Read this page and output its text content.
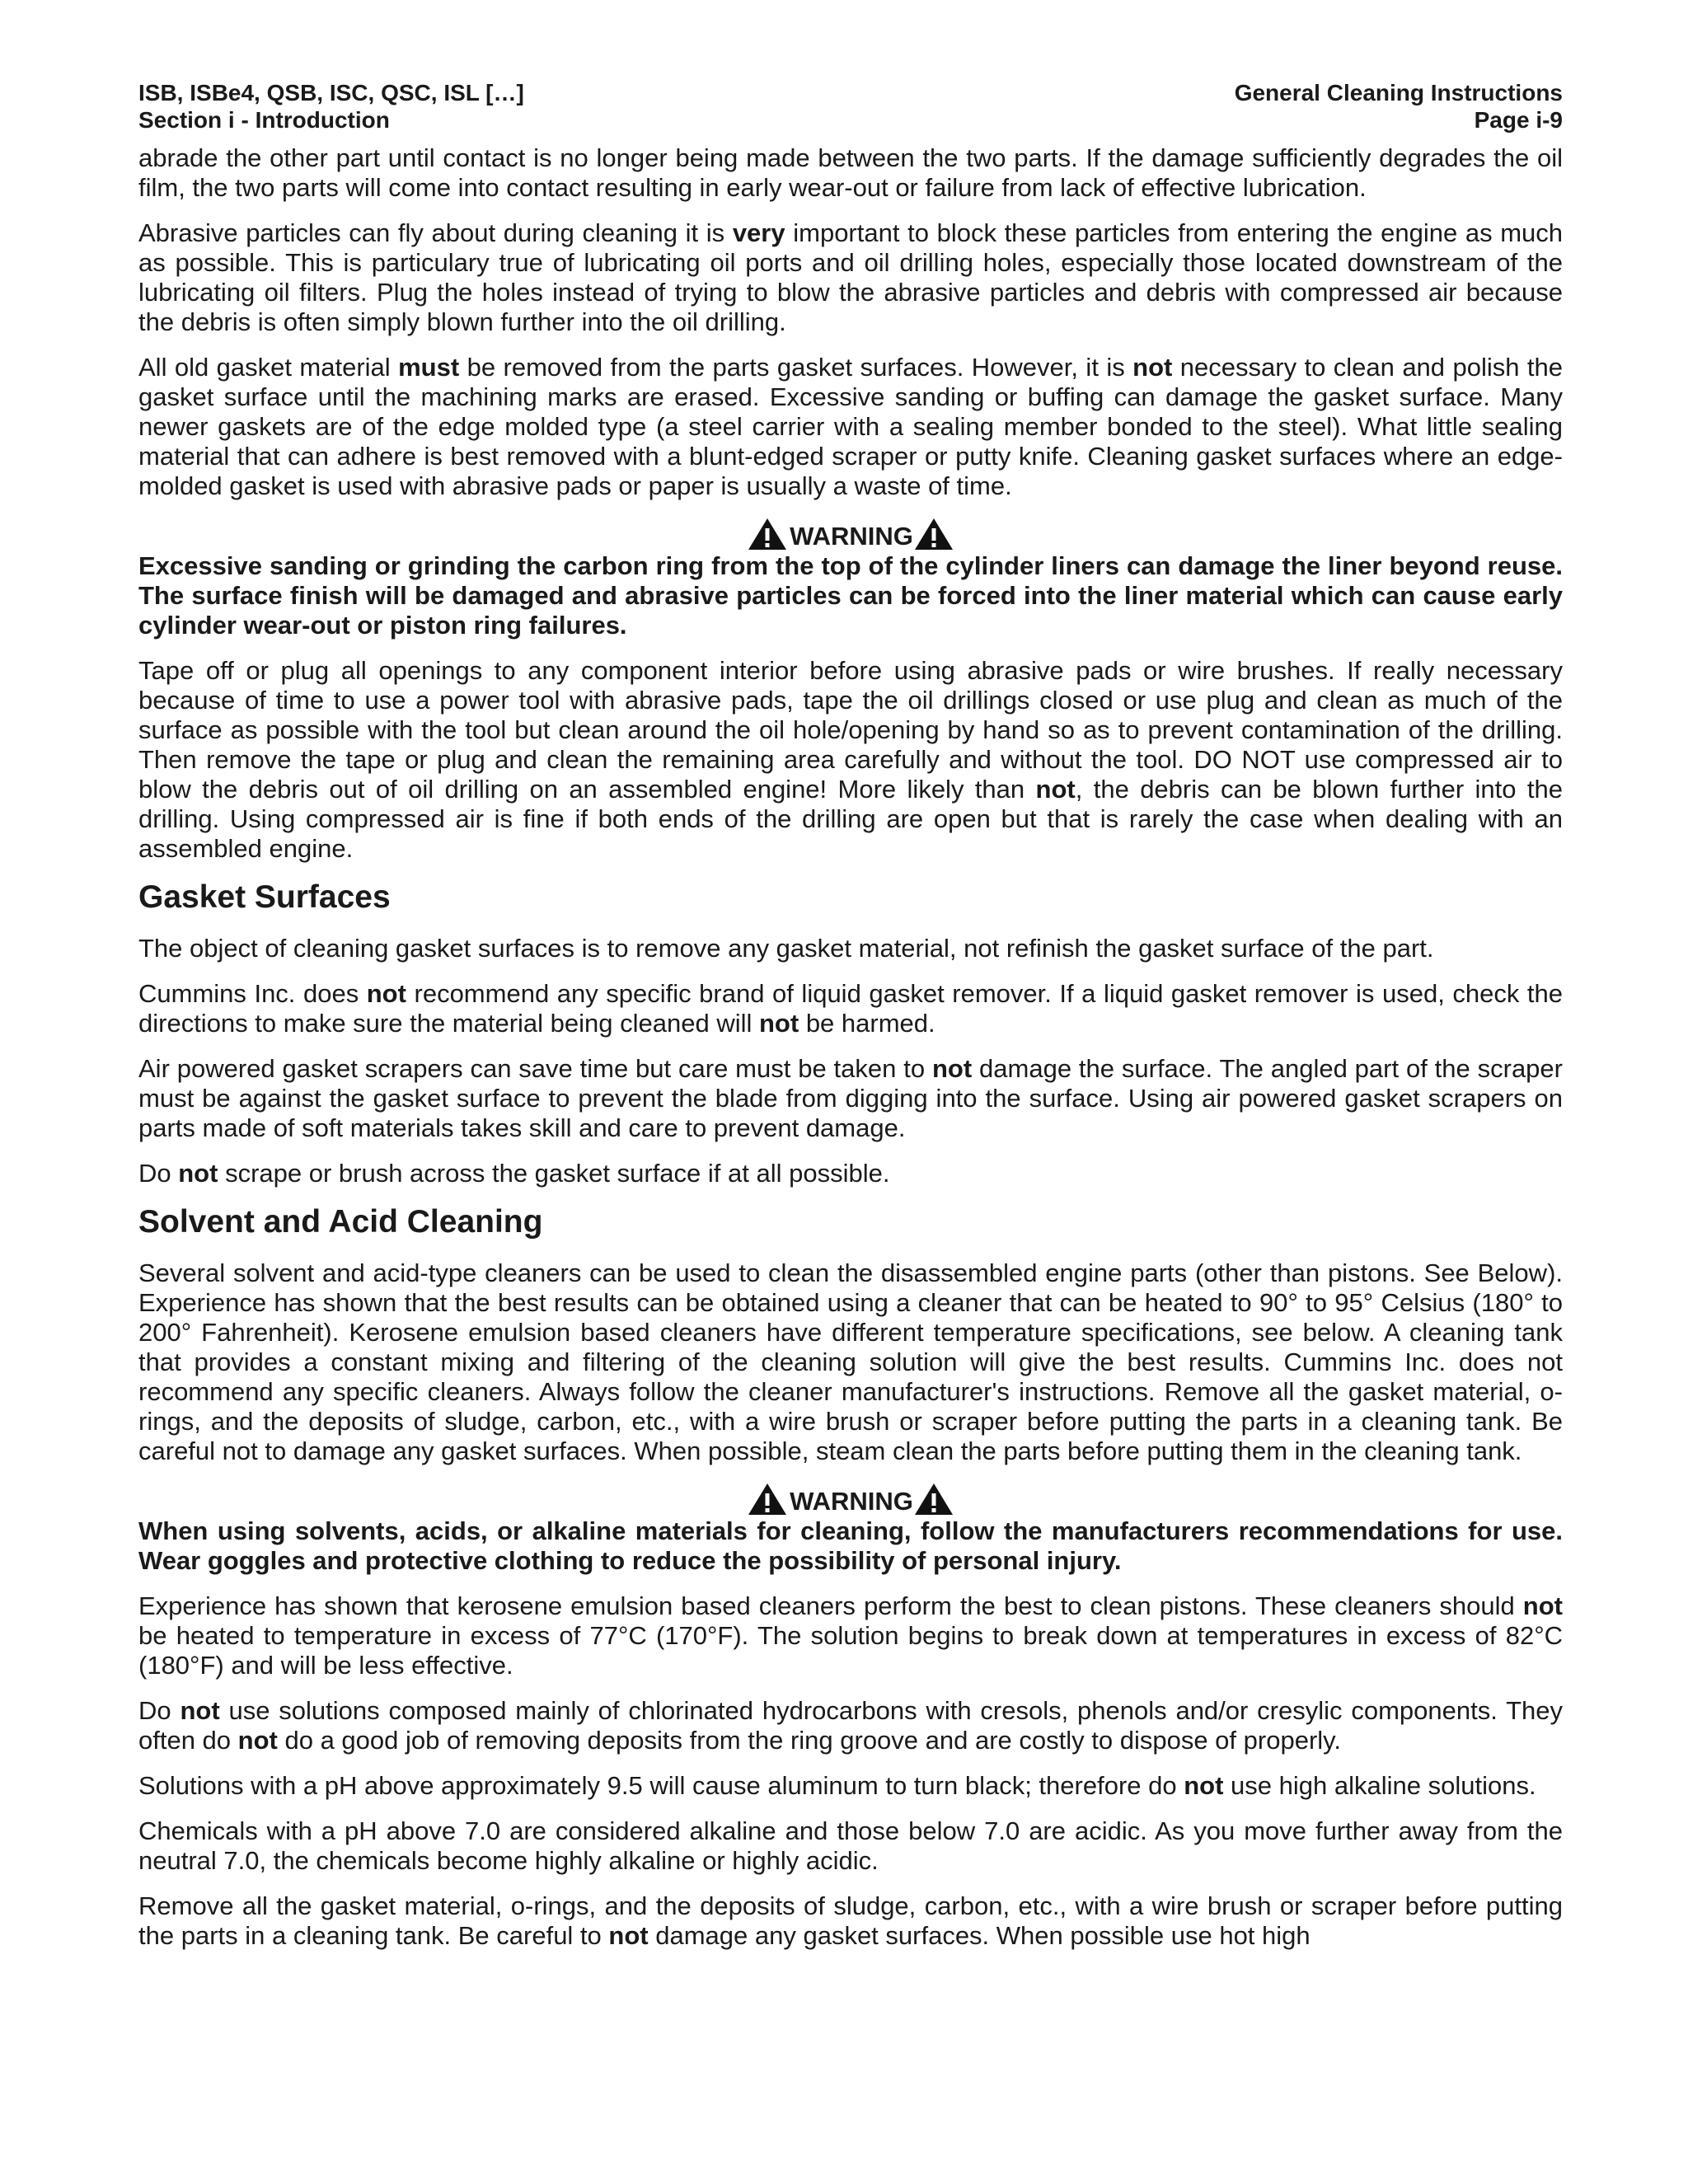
ISB, ISBe4, QSB, ISC, QSC, ISL […]
Section i - Introduction
General Cleaning Instructions
Page i-9

abrade the other part until contact is no longer being made between the two parts. If the damage sufficiently degrades the oil film, the two parts will come into contact resulting in early wear-out or failure from lack of effective lubrication.

Abrasive particles can fly about during cleaning it is very important to block these particles from entering the engine as much as possible. This is particulary true of lubricating oil ports and oil drilling holes, especially those located downstream of the lubricating oil filters. Plug the holes instead of trying to blow the abrasive particles and debris with compressed air because the debris is often simply blown further into the oil drilling.

All old gasket material must be removed from the parts gasket surfaces. However, it is not necessary to clean and polish the gasket surface until the machining marks are erased. Excessive sanding or buffing can damage the gasket surface. Many newer gaskets are of the edge molded type (a steel carrier with a sealing member bonded to the steel). What little sealing material that can adhere is best removed with a blunt-edged scraper or putty knife. Cleaning gasket surfaces where an edge-molded gasket is used with abrasive pads or paper is usually a waste of time.

WARNING

Excessive sanding or grinding the carbon ring from the top of the cylinder liners can damage the liner beyond reuse. The surface finish will be damaged and abrasive particles can be forced into the liner material which can cause early cylinder wear-out or piston ring failures.

Tape off or plug all openings to any component interior before using abrasive pads or wire brushes. If really necessary because of time to use a power tool with abrasive pads, tape the oil drillings closed or use plug and clean as much of the surface as possible with the tool but clean around the oil hole/opening by hand so as to prevent contamination of the drilling. Then remove the tape or plug and clean the remaining area carefully and without the tool. DO NOT use compressed air to blow the debris out of oil drilling on an assembled engine! More likely than not, the debris can be blown further into the drilling. Using compressed air is fine if both ends of the drilling are open but that is rarely the case when dealing with an assembled engine.

Gasket Surfaces

The object of cleaning gasket surfaces is to remove any gasket material, not refinish the gasket surface of the part.

Cummins Inc. does not recommend any specific brand of liquid gasket remover. If a liquid gasket remover is used, check the directions to make sure the material being cleaned will not be harmed.

Air powered gasket scrapers can save time but care must be taken to not damage the surface. The angled part of the scraper must be against the gasket surface to prevent the blade from digging into the surface. Using air powered gasket scrapers on parts made of soft materials takes skill and care to prevent damage.

Do not scrape or brush across the gasket surface if at all possible.

Solvent and Acid Cleaning

Several solvent and acid-type cleaners can be used to clean the disassembled engine parts (other than pistons. See Below). Experience has shown that the best results can be obtained using a cleaner that can be heated to 90° to 95° Celsius (180° to 200° Fahrenheit). Kerosene emulsion based cleaners have different temperature specifications, see below. A cleaning tank that provides a constant mixing and filtering of the cleaning solution will give the best results. Cummins Inc. does not recommend any specific cleaners. Always follow the cleaner manufacturer's instructions. Remove all the gasket material, o-rings, and the deposits of sludge, carbon, etc., with a wire brush or scraper before putting the parts in a cleaning tank. Be careful not to damage any gasket surfaces. When possible, steam clean the parts before putting them in the cleaning tank.

WARNING

When using solvents, acids, or alkaline materials for cleaning, follow the manufacturers recommendations for use. Wear goggles and protective clothing to reduce the possibility of personal injury.

Experience has shown that kerosene emulsion based cleaners perform the best to clean pistons. These cleaners should not be heated to temperature in excess of 77°C (170°F). The solution begins to break down at temperatures in excess of 82°C (180°F) and will be less effective.

Do not use solutions composed mainly of chlorinated hydrocarbons with cresols, phenols and/or cresylic components. They often do not do a good job of removing deposits from the ring groove and are costly to dispose of properly.

Solutions with a pH above approximately 9.5 will cause aluminum to turn black; therefore do not use high alkaline solutions.

Chemicals with a pH above 7.0 are considered alkaline and those below 7.0 are acidic. As you move further away from the neutral 7.0, the chemicals become highly alkaline or highly acidic.

Remove all the gasket material, o-rings, and the deposits of sludge, carbon, etc., with a wire brush or scraper before putting the parts in a cleaning tank. Be careful to not damage any gasket surfaces. When possible use hot high
